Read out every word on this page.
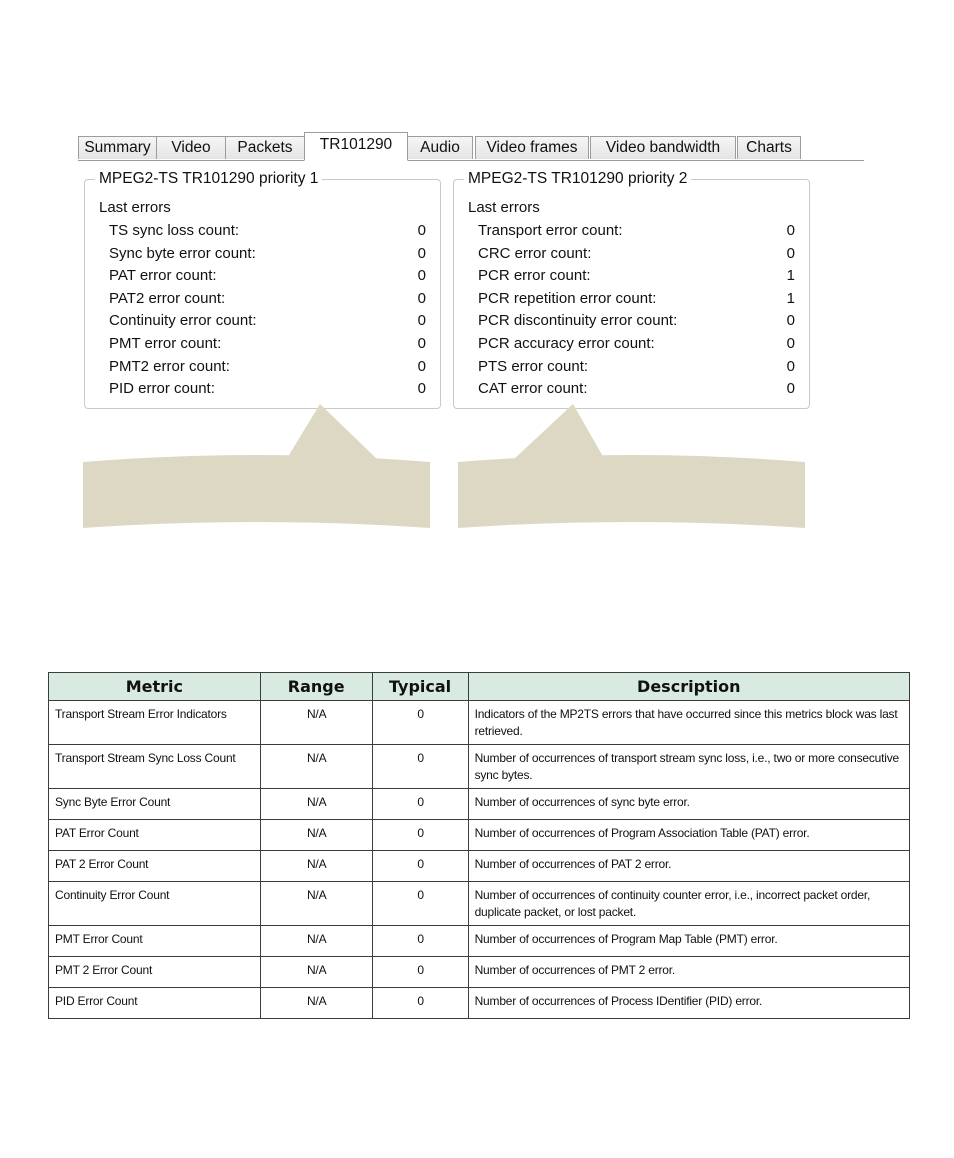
Summary	Video	Packets	TR101290	Audio	Video frames	Video bandwidth	Charts
MPEG2-TS TR101290 priority 1
Last errors
TS sync loss count:	0
Sync byte error count:	0
PAT error count:	0
PAT2 error count:	0
Continuity error count:	0
PMT error count:	0
PMT2 error count:	0
PID error count:	0
MPEG2-TS TR101290 priority 2
Last errors
Transport error count:	0
CRC error count:	0
PCR error count:	1
PCR repetition error count:	1
PCR discontinuity error count:	0
PCR accuracy error count:	0
PTS error count:	0
CAT error count:	0
Metric	Range	Typical	Description
Transport Stream Error Indicators	N/A	0	Indicators of the MP2TS errors that have occurred since this metrics block was last retrieved.
Transport Stream Sync Loss Count	N/A	0	Number of occurrences of transport stream sync loss, i.e., two or more consecutive sync bytes.
Sync Byte Error Count	N/A	0	Number of occurrences of sync byte error.
PAT Error Count	N/A	0	Number of occurrences of Program Association Table (PAT) error.
PAT 2 Error Count	N/A	0	Number of occurrences of PAT 2 error.
Continuity Error Count	N/A	0	Number of occurrences of continuity counter error, i.e., incorrect packet order, duplicate packet, or lost packet.
PMT Error Count	N/A	0	Number of occurrences of Program Map Table (PMT) error.
PMT 2 Error Count	N/A	0	Number of occurrences of PMT 2 error.
PID Error Count	N/A	0	Number of occurrences of Process IDentifier (PID) error.
